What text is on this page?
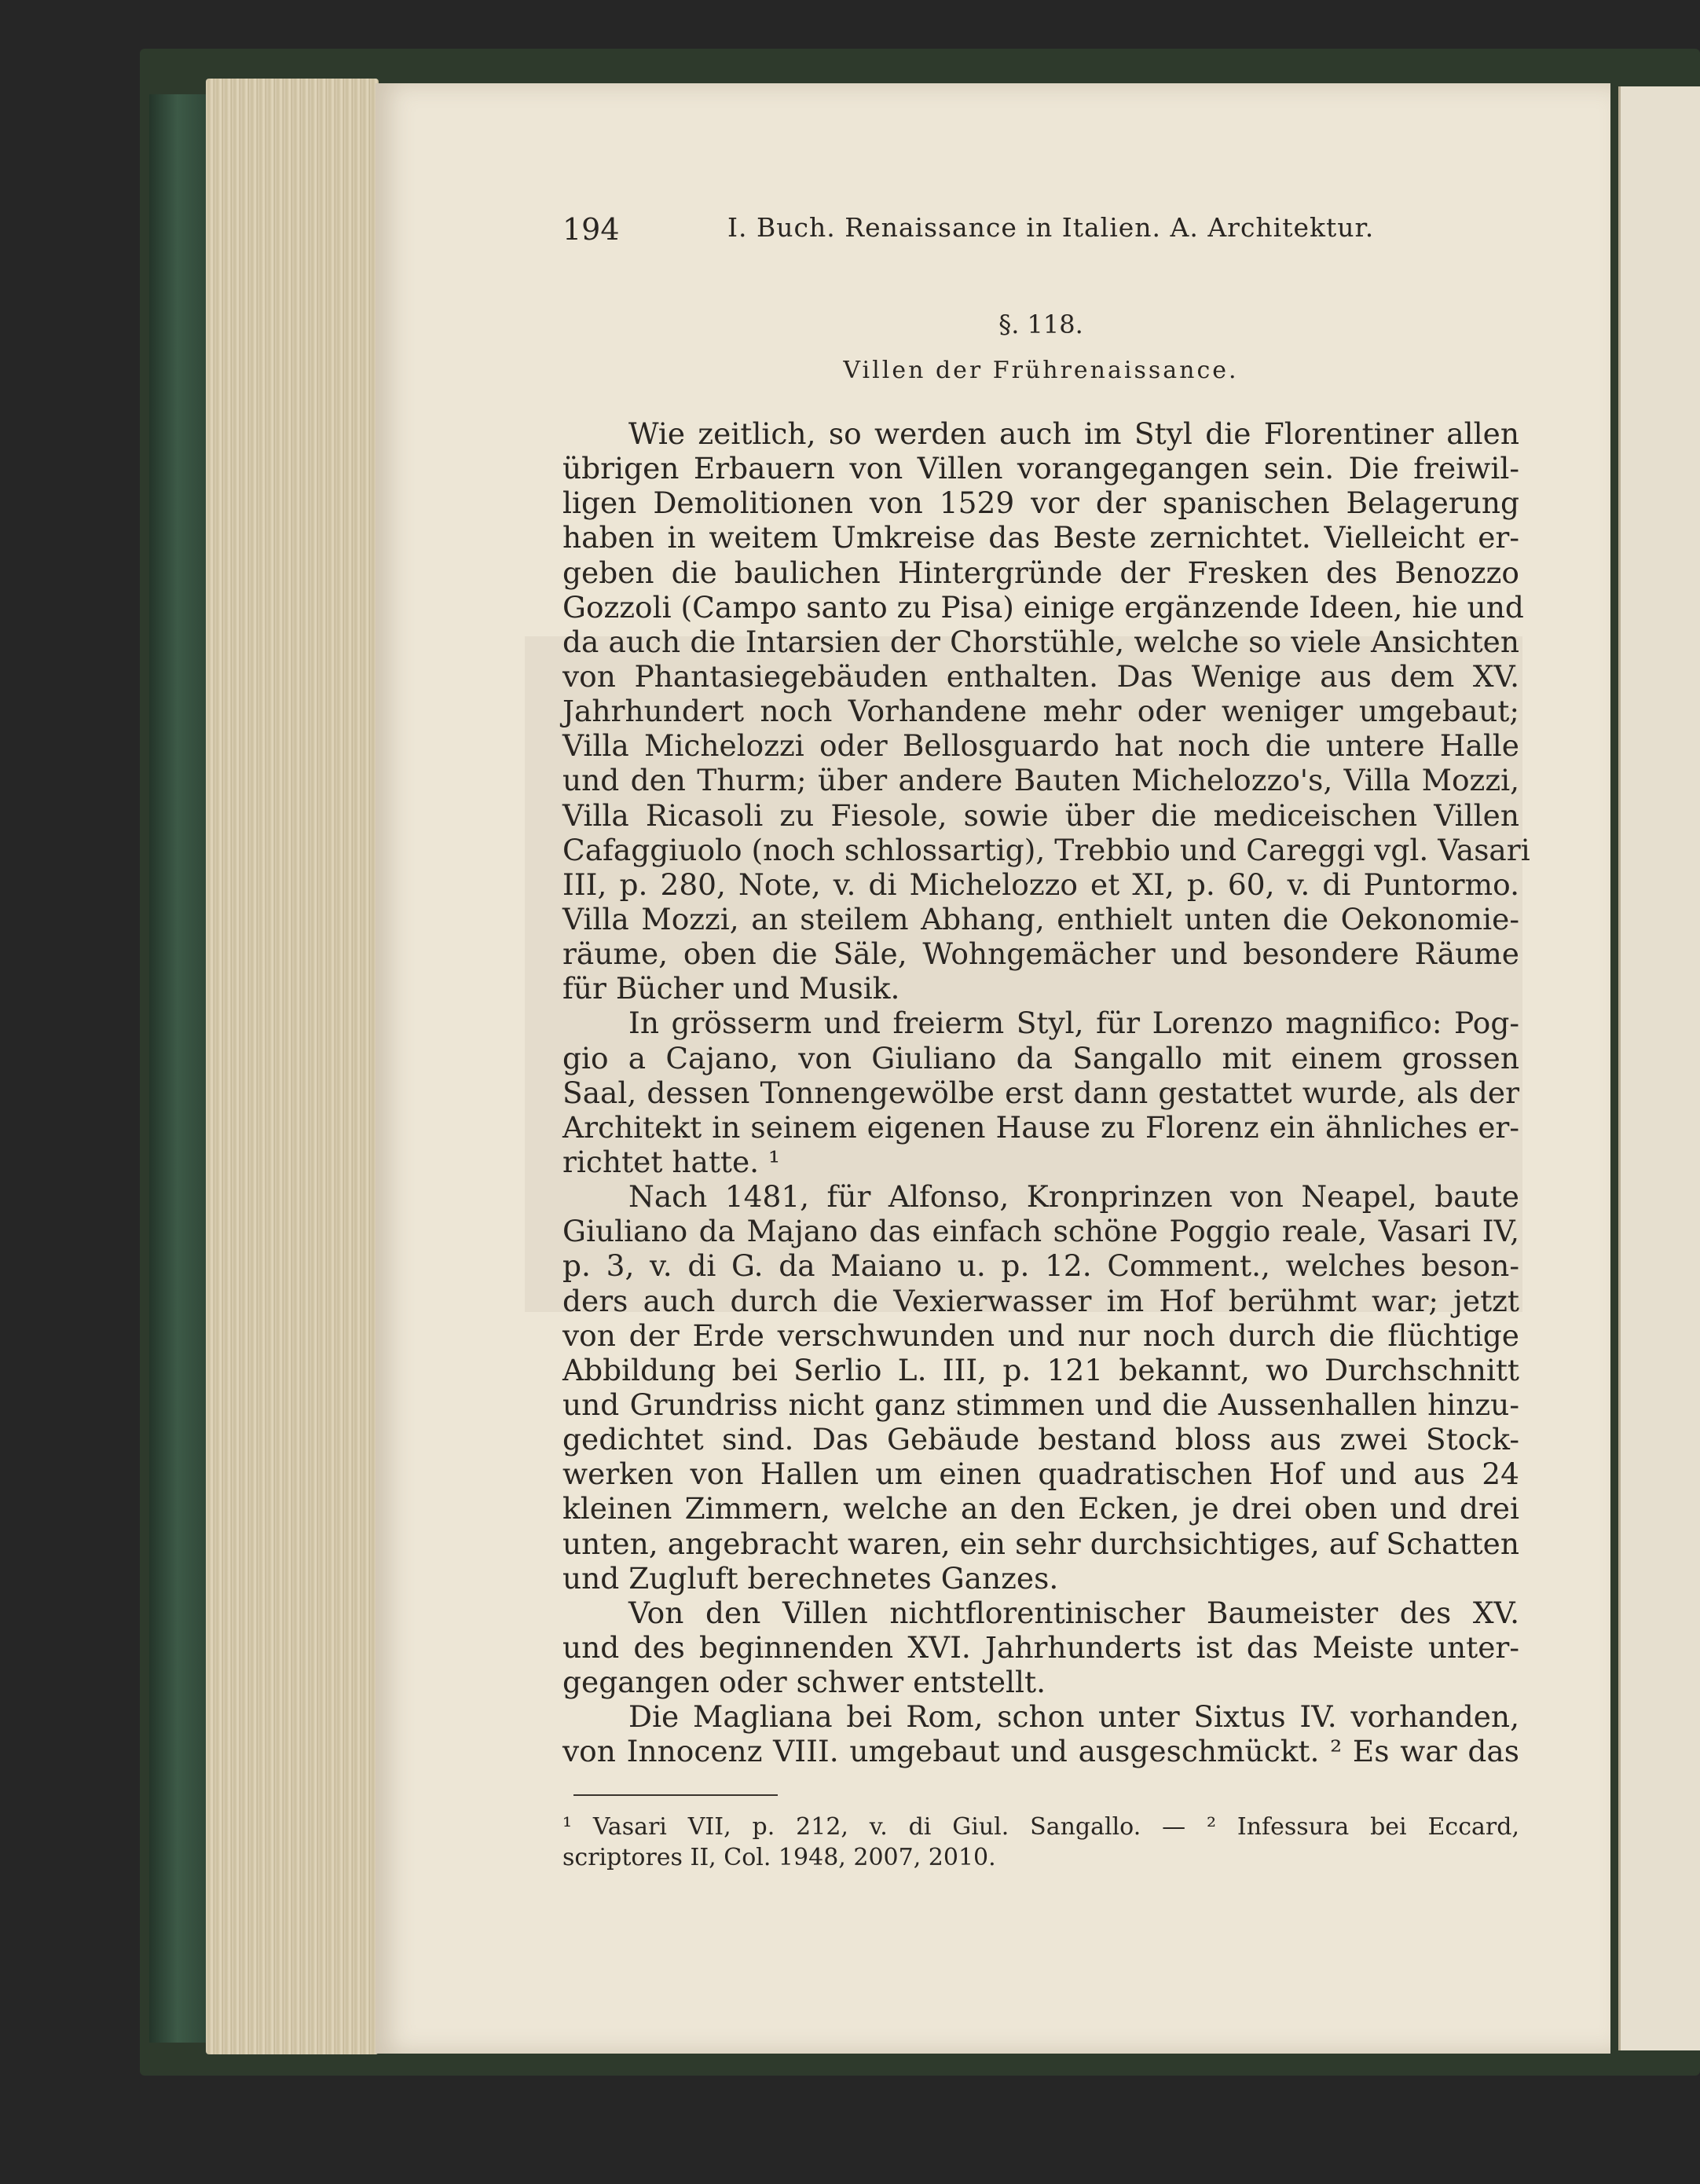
194	I. Buch. Renaissance in Italien. A. Architektur.
§. 118.
Villen der Frührenaissance.
Wie zeitlich, so werden auch im Styl die Florentiner allen
übrigen Erbauern von Villen vorangegangen sein. Die freiwil-
ligen Demolitionen von 1529 vor der spanischen Belagerung
haben in weitem Umkreise das Beste zernichtet. Vielleicht er-
geben die baulichen Hintergründe der Fresken des Benozzo
Gozzoli (Campo santo zu Pisa) einige ergänzende Ideen, hie und
da auch die Intarsien der Chorstühle, welche so viele Ansichten
von Phantasiegebäuden enthalten. Das Wenige aus dem XV.
Jahrhundert noch Vorhandene mehr oder weniger umgebaut;
Villa Michelozzi oder Bellosguardo hat noch die untere Halle
und den Thurm; über andere Bauten Michelozzo's, Villa Mozzi,
Villa Ricasoli zu Fiesole, sowie über die mediceischen Villen
Cafaggiuolo (noch schlossartig), Trebbio und Careggi vgl. Vasari
III, p. 280, Note, v. di Michelozzo et XI, p. 60, v. di Puntormo.
Villa Mozzi, an steilem Abhang, enthielt unten die Oekonomie-
räume, oben die Säle, Wohngemächer und besondere Räume
für Bücher und Musik.
In grösserm und freierm Styl, für Lorenzo magnifico: Pog-
gio a Cajano, von Giuliano da Sangallo mit einem grossen
Saal, dessen Tonnengewölbe erst dann gestattet wurde, als der
Architekt in seinem eigenen Hause zu Florenz ein ähnliches er-
richtet hatte. ¹
Nach 1481, für Alfonso, Kronprinzen von Neapel, baute
Giuliano da Majano das einfach schöne Poggio reale, Vasari IV,
p. 3, v. di G. da Maiano u. p. 12. Comment., welches beson-
ders auch durch die Vexierwasser im Hof berühmt war; jetzt
von der Erde verschwunden und nur noch durch die flüchtige
Abbildung bei Serlio L. III, p. 121 bekannt, wo Durchschnitt
und Grundriss nicht ganz stimmen und die Aussenhallen hinzu-
gedichtet sind. Das Gebäude bestand bloss aus zwei Stock-
werken von Hallen um einen quadratischen Hof und aus 24
kleinen Zimmern, welche an den Ecken, je drei oben und drei
unten, angebracht waren, ein sehr durchsichtiges, auf Schatten
und Zugluft berechnetes Ganzes.
Von den Villen nichtflorentinischer Baumeister des XV.
und des beginnenden XVI. Jahrhunderts ist das Meiste unter-
gegangen oder schwer entstellt.
Die Magliana bei Rom, schon unter Sixtus IV. vorhanden,
von Innocenz VIII. umgebaut und ausgeschmückt. ² Es war das
¹ Vasari VII, p. 212, v. di Giul. Sangallo. — ² Infessura bei Eccard,
scriptores II, Col. 1948, 2007, 2010.
